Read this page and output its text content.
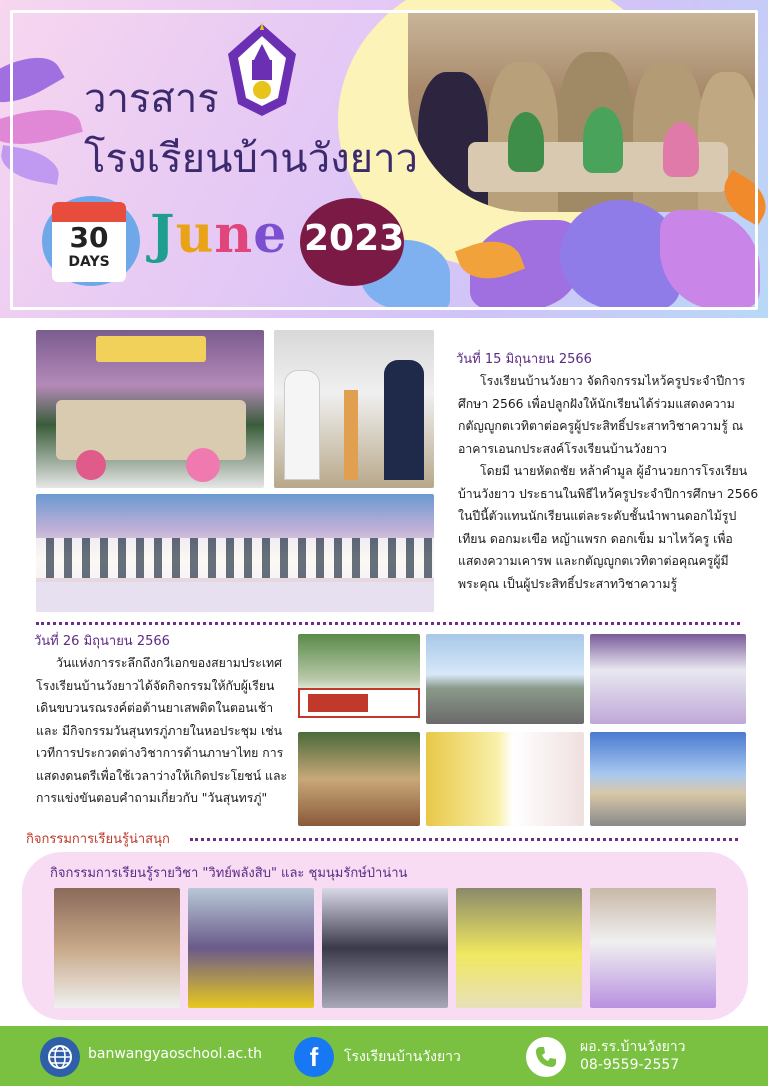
วารสาร
โรงเรียนบ้านวังยาว
30
DAYS June 2023
วันที่ 15 มิถุนายน 2566

โรงเรียนบ้านวังยาว จัดกิจกรรมไหว้ครูประจำปีการศึกษา 2566 เพื่อปลูกฝังให้นักเรียนได้ร่วมแสดงความกตัญญูกตเวทิตาต่อครูผู้ประสิทธิ์ประสาทวิชาความรู้ ณ อาคารเอนกประสงค์โรงเรียนบ้านวังยาว

โดยมี นายหัตถชัย หล้าคำมูล ผู้อำนวยการโรงเรียนบ้านวังยาว ประธานในพิธีไหว้ครูประจำปีการศึกษา 2566 ในปีนี้ตัวแทนนักเรียนแต่ละระดับชั้นนำพานดอกไม้รูปเทียน ดอกมะเขือ หญ้าแพรก ดอกเข็ม มาไหว้ครู เพื่อแสดงความเคารพ และกตัญญูกตเวทิตาต่อคุณครูผู้มีพระคุณ เป็นผู้ประสิทธิ์ประสาทวิชาความรู้

วันที่ 26 มิถุนายน 2566

วันแห่งการระลึกถึงกวีเอกของสยามประเทศ โรงเรียนบ้านวังยาวได้จัดกิจกรรมให้กับผู้เรียนเดินขบวนรณรงค์ต่อต้านยาเสพติดในตอนเช้า และ มีกิจกรรมวันสุนทรภู่ภายในหอประชุม เช่น เวทีการประกวดต่างวิชาการด้านภาษาไทย การแสดงดนตรีเพื่อใช้เวลาว่างให้เกิดประโยชน์ และการแข่งขันตอบคำถามเกี่ยวกับ "วันสุนทรภู่"

กิจกรรมการเรียนรู้น่าสนุก
กิจกรรมการเรียนรู้รายวิชา "วิทย์พลังสิบ" และ ชุมนุมรักษ์ป่าน่าน
banwangyaoschool.ac.th f โรงเรียนบ้านวังยาว
ผอ.รร.บ้านวังยาว
08-9559-2557
